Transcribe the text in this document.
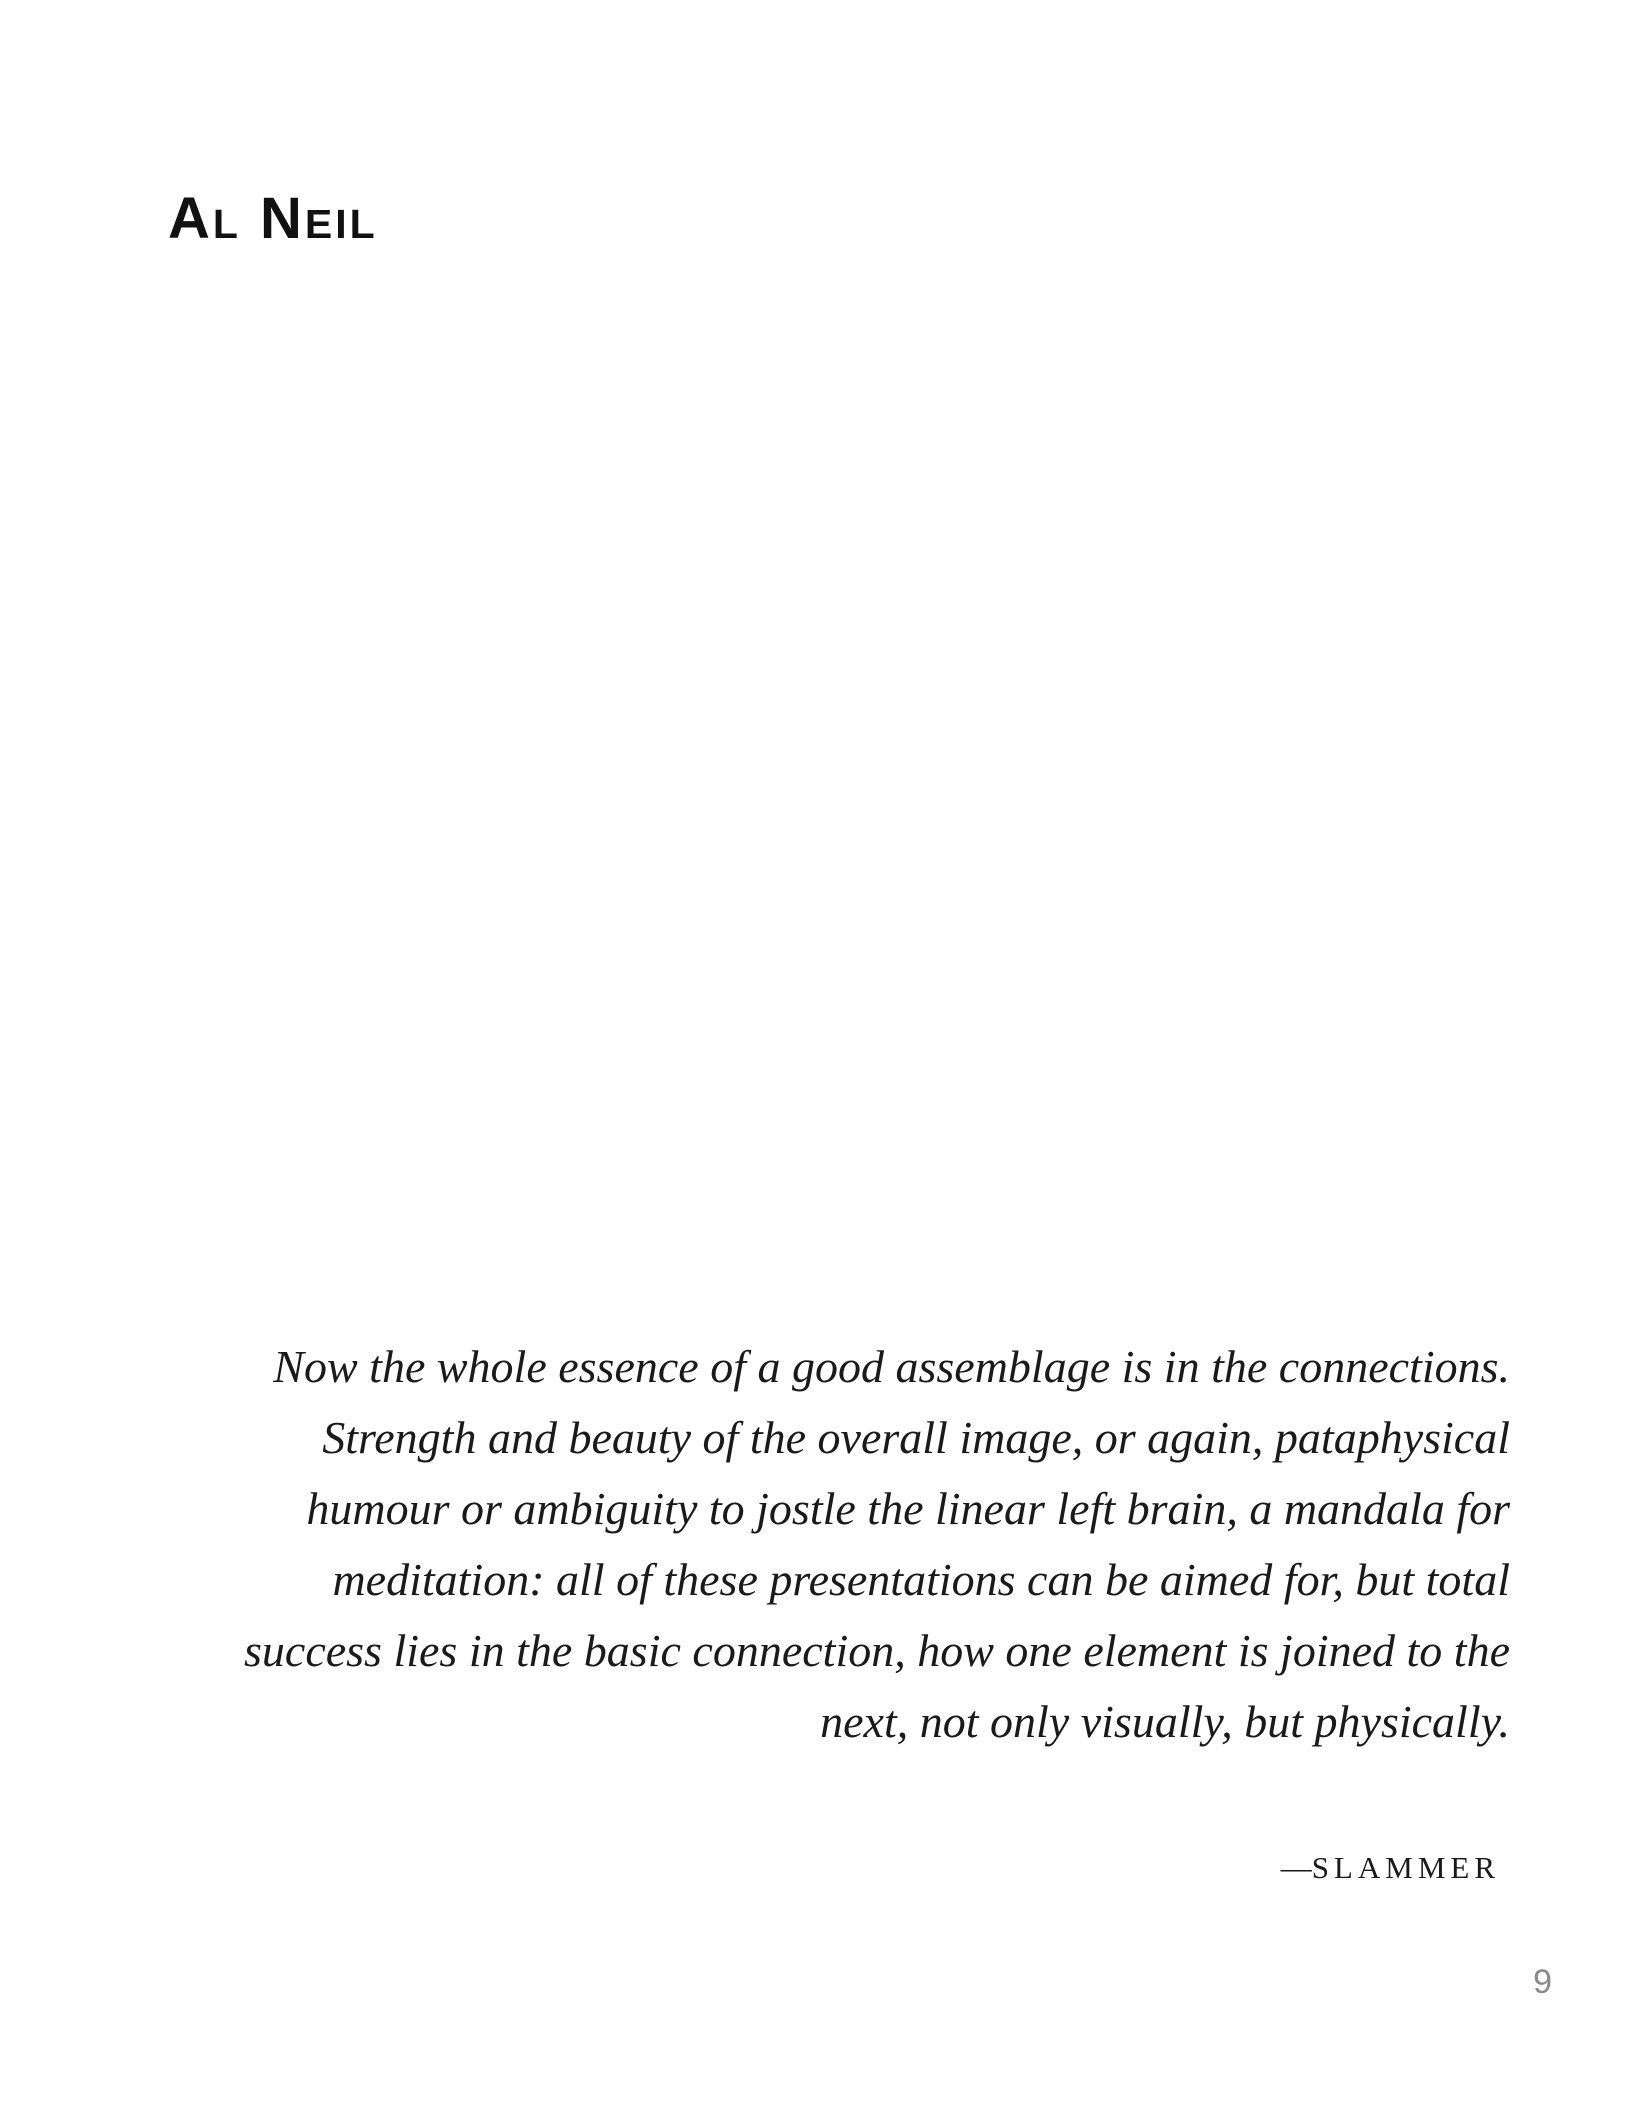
Al Neil
Now the whole essence of a good assemblage is in the connections.
Strength and beauty of the overall image, or again, pataphysical
humour or ambiguity to jostle the linear left brain, a mandala for
meditation: all of these presentations can be aimed for, but total
success lies in the basic connection, how one element is joined to the
next, not only visually, but physically.
—SLAMMER
9
